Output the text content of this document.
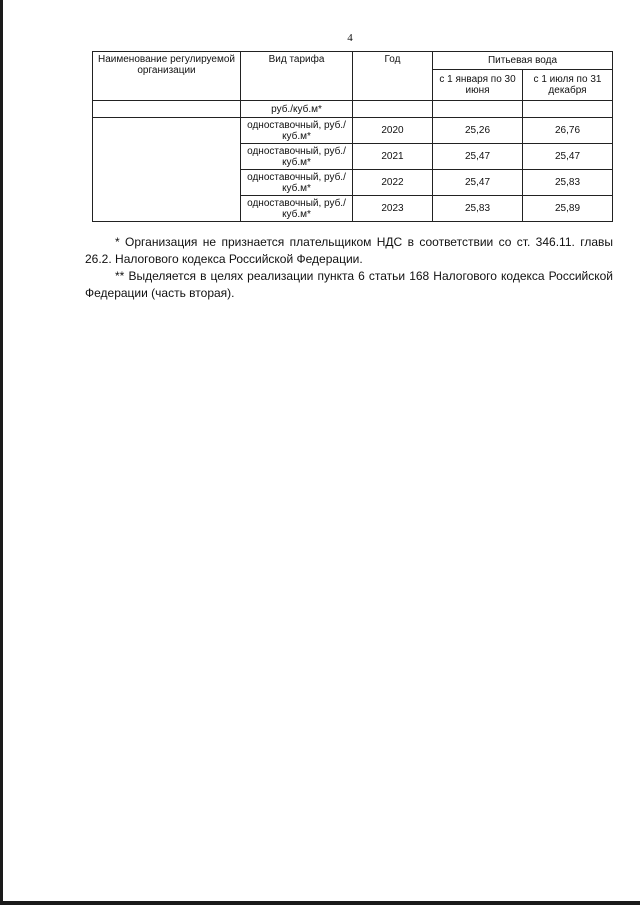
4
Наименование регулируемой организации	Вид тарифа	Год	Питьевая вода	
			с 1 января по 30 июня	с 1 июля по 31 декабря
	руб./куб.м*			
	одноставочный, руб./куб.м*	2020	25,26	26,76
	одноставочный, руб./куб.м*	2021	25,47	25,47
	одноставочный, руб./куб.м*	2022	25,47	25,83
	одноставочный, руб./куб.м*	2023	25,83	25,89

* Организация не признается плательщиком НДС в соответствии со ст. 346.11. главы 26.2. Налогового кодекса Российской Федерации.

** Выделяется в целях реализации пункта 6 статьи 168 Налогового кодекса Российской Федерации (часть вторая).
